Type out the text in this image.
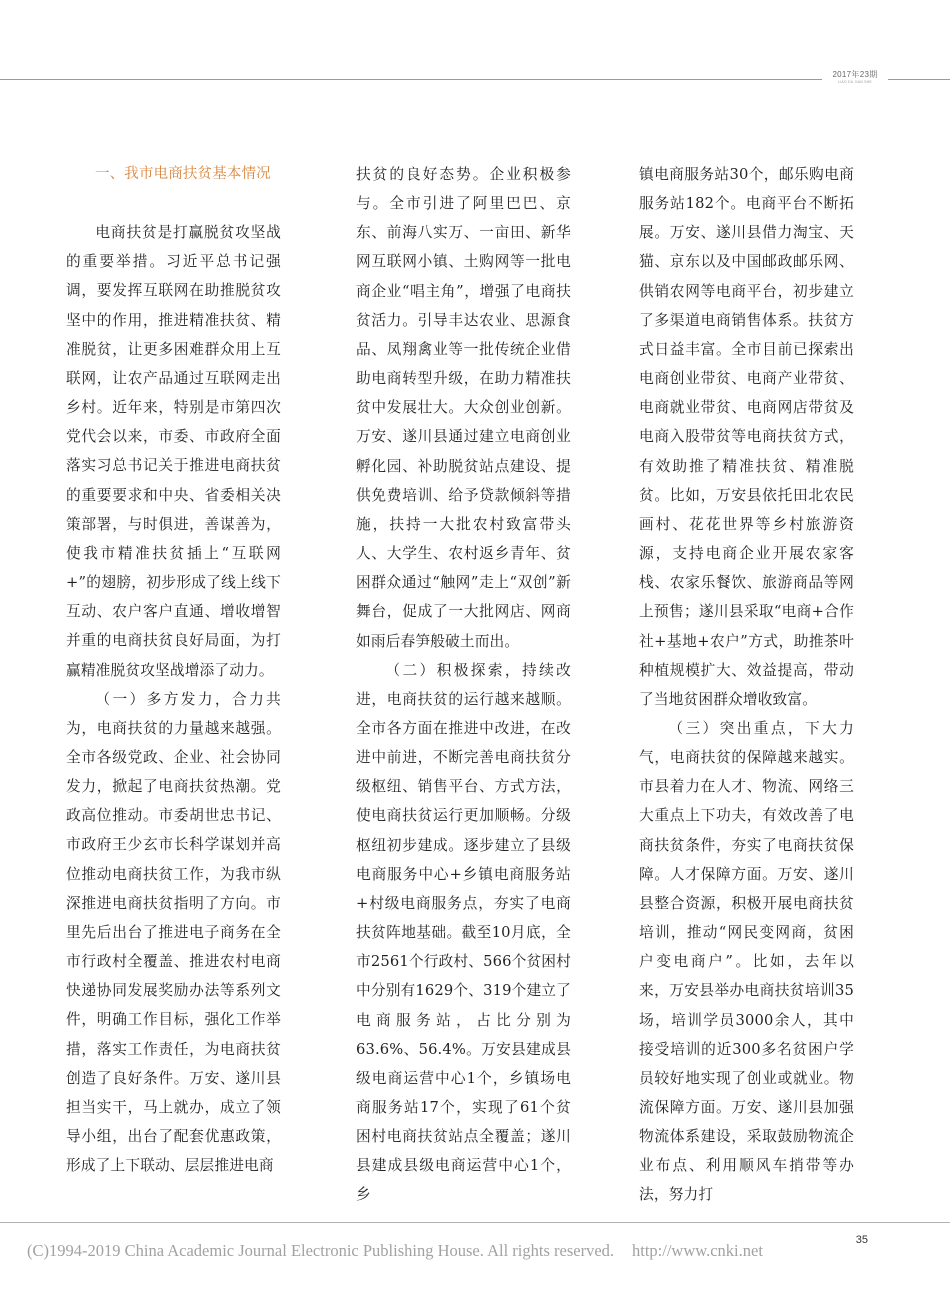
2017年23期
LIAO DU JIAN SHE

一、我市电商扶贫基本情况

电商扶贫是打赢脱贫攻坚战的重要举措。习近平总书记强调，要发挥互联网在助推脱贫攻坚中的作用，推进精准扶贫、精准脱贫，让更多困难群众用上互联网，让农产品通过互联网走出乡村。近年来，特别是市第四次党代会以来，市委、市政府全面落实习总书记关于推进电商扶贫的重要要求和中央、省委相关决策部署，与时俱进，善谋善为，使我市精准扶贫插上“互联网+”的翅膀，初步形成了线上线下互动、农户客户直通、增收增智并重的电商扶贫良好局面，为打赢精准脱贫攻坚战增添了动力。

（一）多方发力，合力共为，电商扶贫的力量越来越强。全市各级党政、企业、社会协同发力，掀起了电商扶贫热潮。党政高位推动。市委胡世忠书记、市政府王少玄市长科学谋划并高位推动电商扶贫工作，为我市纵深推进电商扶贫指明了方向。市里先后出台了推进电子商务在全市行政村全覆盖、推进农村电商快递协同发展奖励办法等系列文件，明确工作目标，强化工作举措，落实工作责任，为电商扶贫创造了良好条件。万安、遂川县担当实干，马上就办，成立了领导小组，出台了配套优惠政策，形成了上下联动、层层推进电商

扶贫的良好态势。企业积极参与。全市引进了阿里巴巴、京东、前海八实万、一亩田、新华网互联网小镇、土购网等一批电商企业“唱主角”，增强了电商扶贫活力。引导丰达农业、思源食品、凤翔禽业等一批传统企业借助电商转型升级，在助力精准扶贫中发展壮大。大众创业创新。万安、遂川县通过建立电商创业孵化园、补助脱贫站点建设、提供免费培训、给予贷款倾斜等措施，扶持一大批农村致富带头人、大学生、农村返乡青年、贫困群众通过“触网”走上“双创”新舞台，促成了一大批网店、网商如雨后春笋般破土而出。

（二）积极探索，持续改进，电商扶贫的运行越来越顺。全市各方面在推进中改进，在改进中前进，不断完善电商扶贫分级枢纽、销售平台、方式方法，使电商扶贫运行更加顺畅。分级枢纽初步建成。逐步建立了县级电商服务中心+乡镇电商服务站+村级电商服务点，夯实了电商扶贫阵地基础。截至10月底，全市2561个行政村、566个贫困村中分别有1629个、319个建立了电商服务站，占比分别为63.6%、56.4%。万安县建成县级电商运营中心1个，乡镇场电商服务站17个，实现了61个贫困村电商扶贫站点全覆盖；遂川县建成县级电商运营中心1个，乡

镇电商服务站30个，邮乐购电商服务站182个。电商平台不断拓展。万安、遂川县借力淘宝、天猫、京东以及中国邮政邮乐网、供销农网等电商平台，初步建立了多渠道电商销售体系。扶贫方式日益丰富。全市目前已探索出电商创业带贫、电商产业带贫、电商就业带贫、电商网店带贫及电商入股带贫等电商扶贫方式，有效助推了精准扶贫、精准脱贫。比如，万安县依托田北农民画村、花花世界等乡村旅游资源，支持电商企业开展农家客栈、农家乐餐饮、旅游商品等网上预售；遂川县采取“电商+合作社+基地+农户”方式，助推茶叶种植规模扩大、效益提高，带动了当地贫困群众增收致富。

（三）突出重点，下大力气，电商扶贫的保障越来越实。市县着力在人才、物流、网络三大重点上下功夫，有效改善了电商扶贫条件，夯实了电商扶贫保障。人才保障方面。万安、遂川县整合资源，积极开展电商扶贫培训，推动“网民变网商，贫困户变电商户”。比如，去年以来，万安县举办电商扶贫培训35场，培训学员3000余人，其中接受培训的近300多名贫困户学员较好地实现了创业或就业。物流保障方面。万安、遂川县加强物流体系建设，采取鼓励物流企业布点、利用顺风车捎带等办法，努力打

35
(C)1994-2019 China Academic Journal Electronic Publishing House. All rights reserved. http://www.cnki.net
